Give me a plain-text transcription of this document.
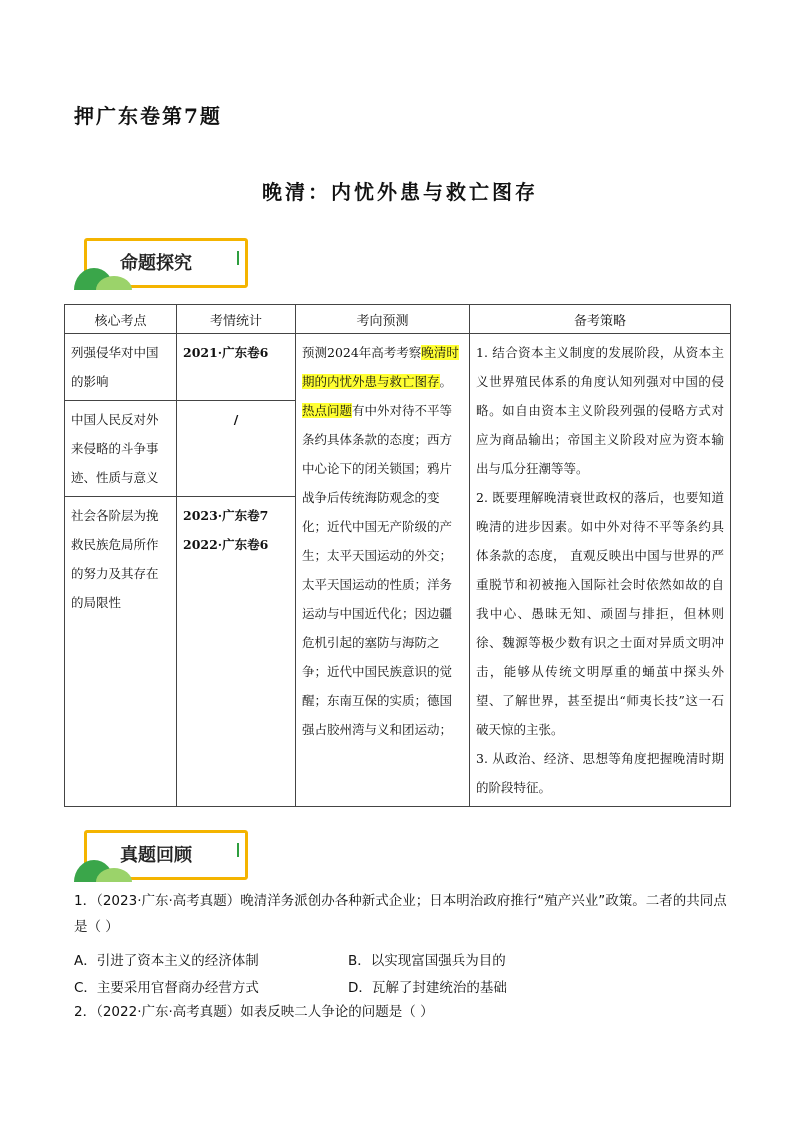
押广东卷第7题
晚清：内忧外患与救亡图存
命题探究
核心考点	考情统计	考向预测	备考策略
列强侵华对中国的影响	2021·广东卷6	预测2024年高考考察晚清时期的内忧外患与救亡图存。热点问题有中外对待不平等条约具体条款的态度；西方中心论下的闭关锁国；鸦片战争后传统海防观念的变化；近代中国无产阶级的产生；太平天国运动的外交；太平天国运动的性质；洋务运动与中国近代化；因边疆危机引起的塞防与海防之争；近代中国民族意识的觉醒；东南互保的实质；德国强占胶州湾与义和团运动；	1. 结合资本主义制度的发展阶段，从资本主义世界殖民体系的角度认知列强对中国的侵略。如自由资本主义阶段列强的侵略方式对应为商品输出；帝国主义阶段对应为资本输出与瓜分狂潮等等。

2. 既要理解晚清衰世政权的落后，也要知道晚清的进步因素。如中外对待不平等条约具体条款的态度， 直观反映出中国与世界的严重脱节和初被拖入国际社会时依然如故的自我中心、愚昧无知、顽固与排拒，但林则徐、魏源等极少数有识之士面对异质文明冲击，能够从传统文明厚重的蛹茧中探头外望、了解世界，甚至提出“师夷长技”这一石破天惊的主张。

3. 从政治、经济、思想等角度把握晚清时期的阶段特征。

中国人民反对外来侵略的斗争事迹、性质与意义	/		
社会各阶层为挽救民族危局所作的努力及其存在的局限性	2023·广东卷7
2022·广东卷6		
真题回顾
1．（2023·广东·高考真题）晚清洋务派创办各种新式企业；日本明治政府推行“殖产兴业”政策。二者的共同点是（ ）
A．引进了资本主义的经济体制	B．以实现富国强兵为目的
C．主要采用官督商办经营方式	D．瓦解了封建统治的基础
2．（2022·广东·高考真题）如表反映二人争论的问题是（ ）
